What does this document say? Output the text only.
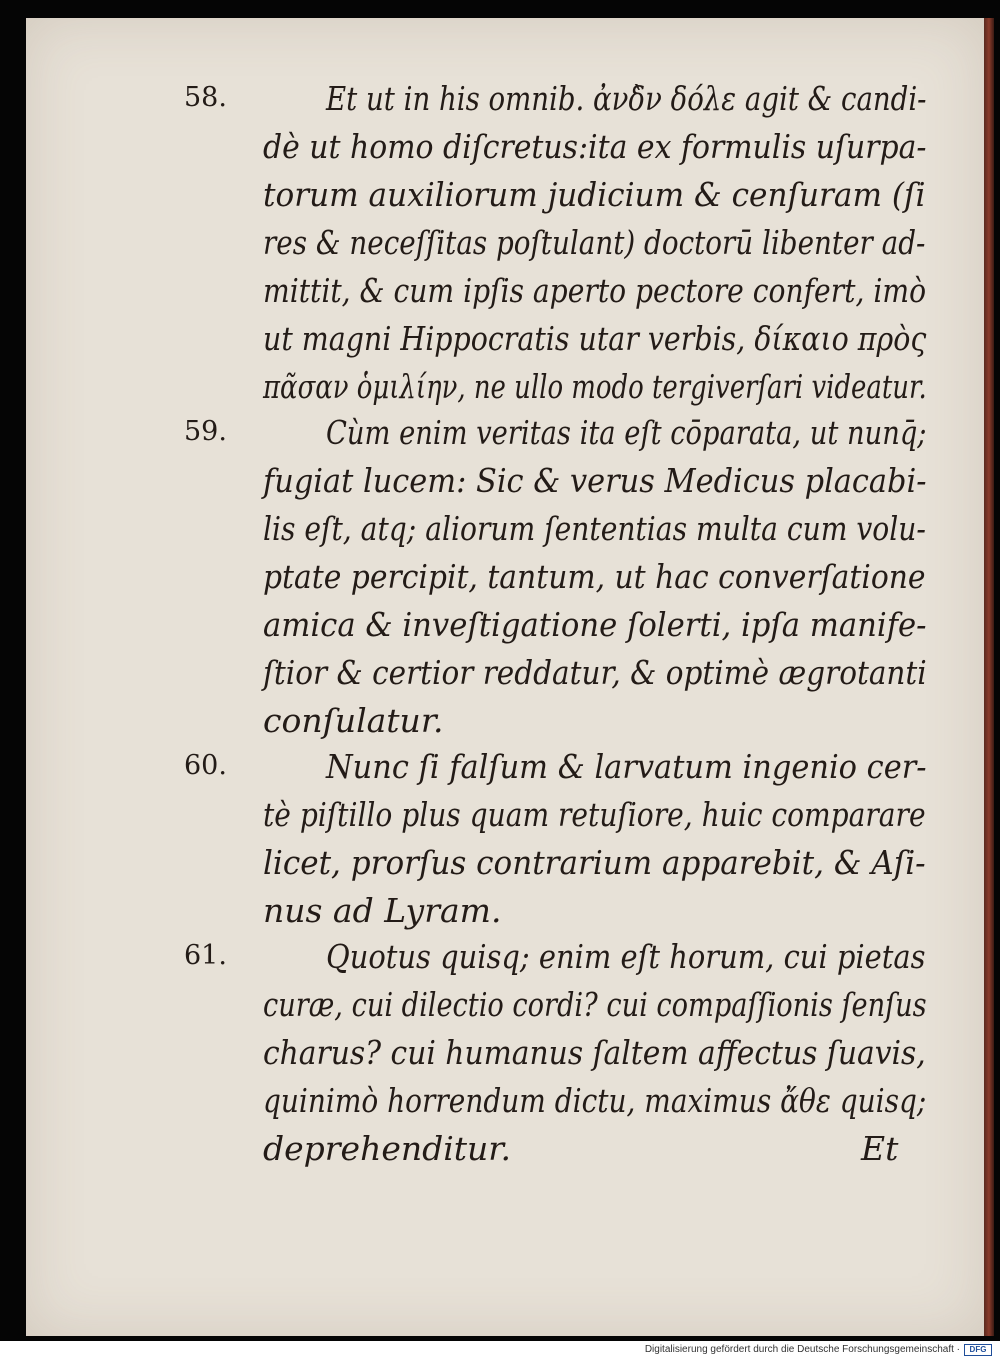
58.	Et ut in his omnib. ἀνδ̀ν δόλε agit & candi-
dè ut homo diſcretus:ita ex formulis uſurpa-
torum auxiliorum judicium & cenſuram (ſi
res & neceſſitas poſtulant) doctorū libenter ad-
mittit, & cum ipſis aperto pectore confert, imò
ut magni Hippocratis utar verbis, δίκαιο πρὸς
πᾶσαν ὁμιλίην, ne ullo modo tergiverſari videatur.
59.	Cùm enim veritas ita eſt cōparata, ut nunq̄;
fugiat lucem: Sic & verus Medicus placabi-
lis eſt, atq; aliorum ſententias multa cum volu-
ptate percipit, tantum, ut hac converſatione
amica & inveſtigatione ſolerti, ipſa manife-
ſtior & certior reddatur, & optimè ægrotanti
conſulatur.
60.	Nunc ſi falſum & larvatum ingenio cer-
tè piſtillo plus quam retuſiore, huic comparare
licet, prorſus contrarium apparebit, & Aſi-
nus ad Lyram.
61.	Quotus quisq; enim eſt horum, cui pietas
curæ, cui dilectio cordi? cui compaſſionis ſenſus
charus? cui humanus ſaltem affectus ſuavis,
quinimò horrendum dictu, maximus ἄθε quisq;
deprehenditur.	Et
Digitalisierung gefördert durch die Deutsche Forschungsgemeinschaft ·	DFG
